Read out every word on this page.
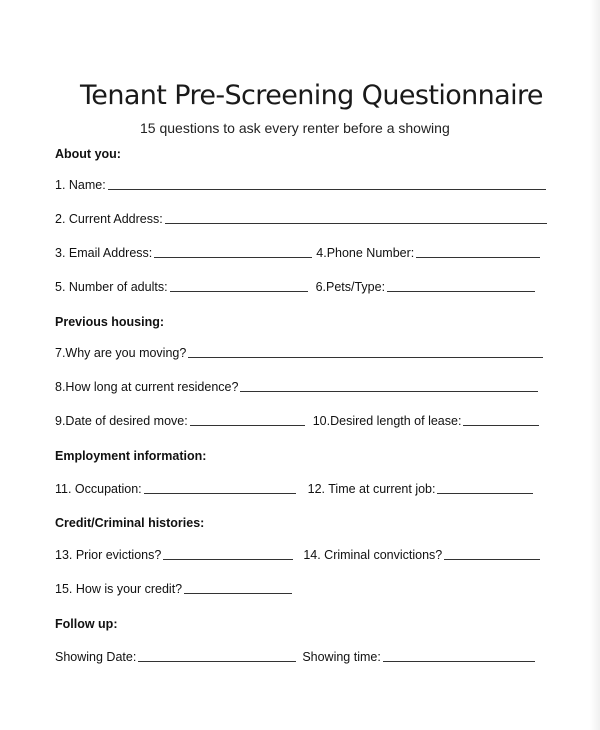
Tenant Pre-Screening Questionnaire
15 questions to ask every renter before a showing
About you:
1. Name:
2. Current Address:
3. Email Address:	4.Phone Number:
5. Number of adults:	6.Pets/Type:
Previous housing:
7.Why are you moving?
8.How long at current residence?
9.Date of desired move:	10.Desired length of lease:
Employment information:
11. Occupation:	12. Time at current job:
Credit/Criminal histories:
13. Prior evictions?	14. Criminal convictions?
15. How is your credit?
Follow up:
Showing Date:	Showing time:
